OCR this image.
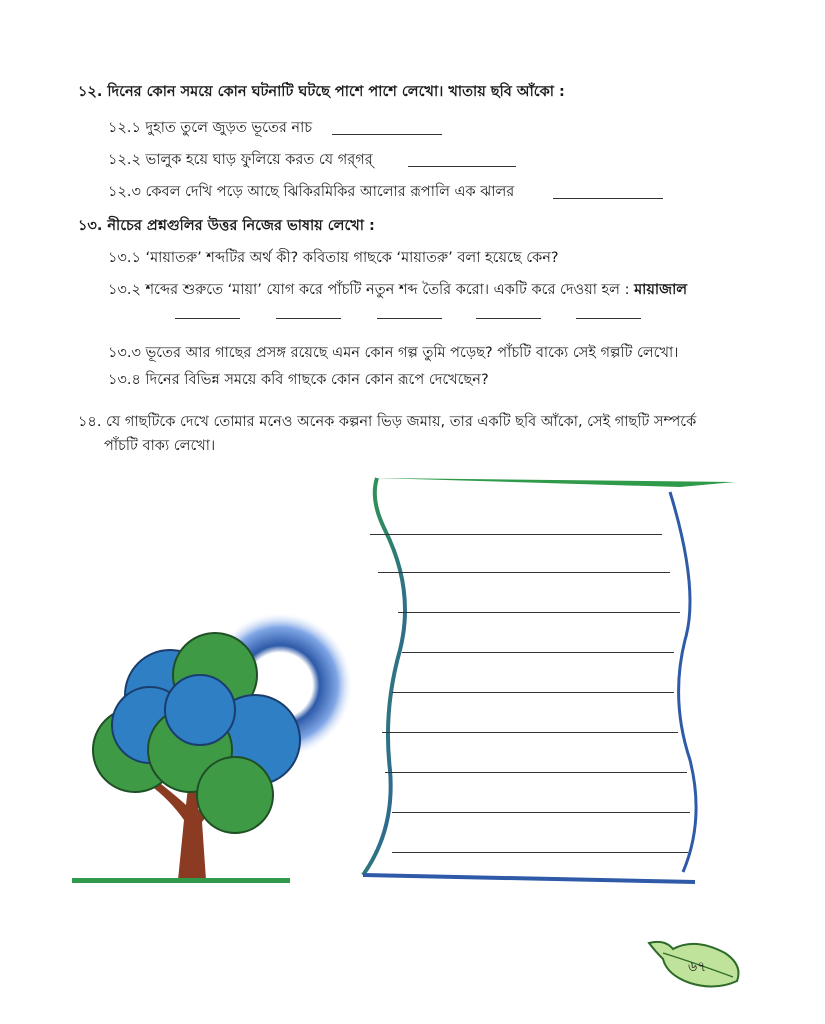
১২. দিনের কোন সময়ে কোন ঘটনাটি ঘটছে পাশে পাশে লেখো। খাতায় ছবি আঁকো :
১২.১ দুহাত তুলে জুড়ত ভূতের নাচ
১২.২ ভালুক হয়ে ঘাড় ফুলিয়ে করত যে গর্‌গর্‌
১২.৩ কেবল দেখি পড়ে আছে ঝিকিরমিকির আলোর রূপালি এক ঝালর
১৩. নীচের প্রশ্নগুলির উত্তর নিজের ভাষায় লেখো :
১৩.১ ‘মায়াতরু’ শব্দটির অর্থ কী? কবিতায় গাছকে ‘মায়াতরু’ বলা হয়েছে কেন?
১৩.২ শব্দের শুরুতে ‘মায়া’ যোগ করে পাঁচটি নতুন শব্দ তৈরি করো। একটি করে দেওয়া হল : মায়াজাল
১৩.৩ ভূতের আর গাছের প্রসঙ্গ রয়েছে এমন কোন গল্প তুমি পড়েছ? পাঁচটি বাক্যে সেই গল্পটি লেখো।
১৩.৪ দিনের বিভিন্ন সময়ে কবি গাছকে কোন কোন রূপে দেখেছেন?
১৪. যে গাছটিকে দেখে তোমার মনেও অনেক কল্পনা ভিড় জমায়, তার একটি ছবি আঁকো, সেই গাছটি সম্পর্কে
পাঁচটি বাক্য লেখো।
৬৭
